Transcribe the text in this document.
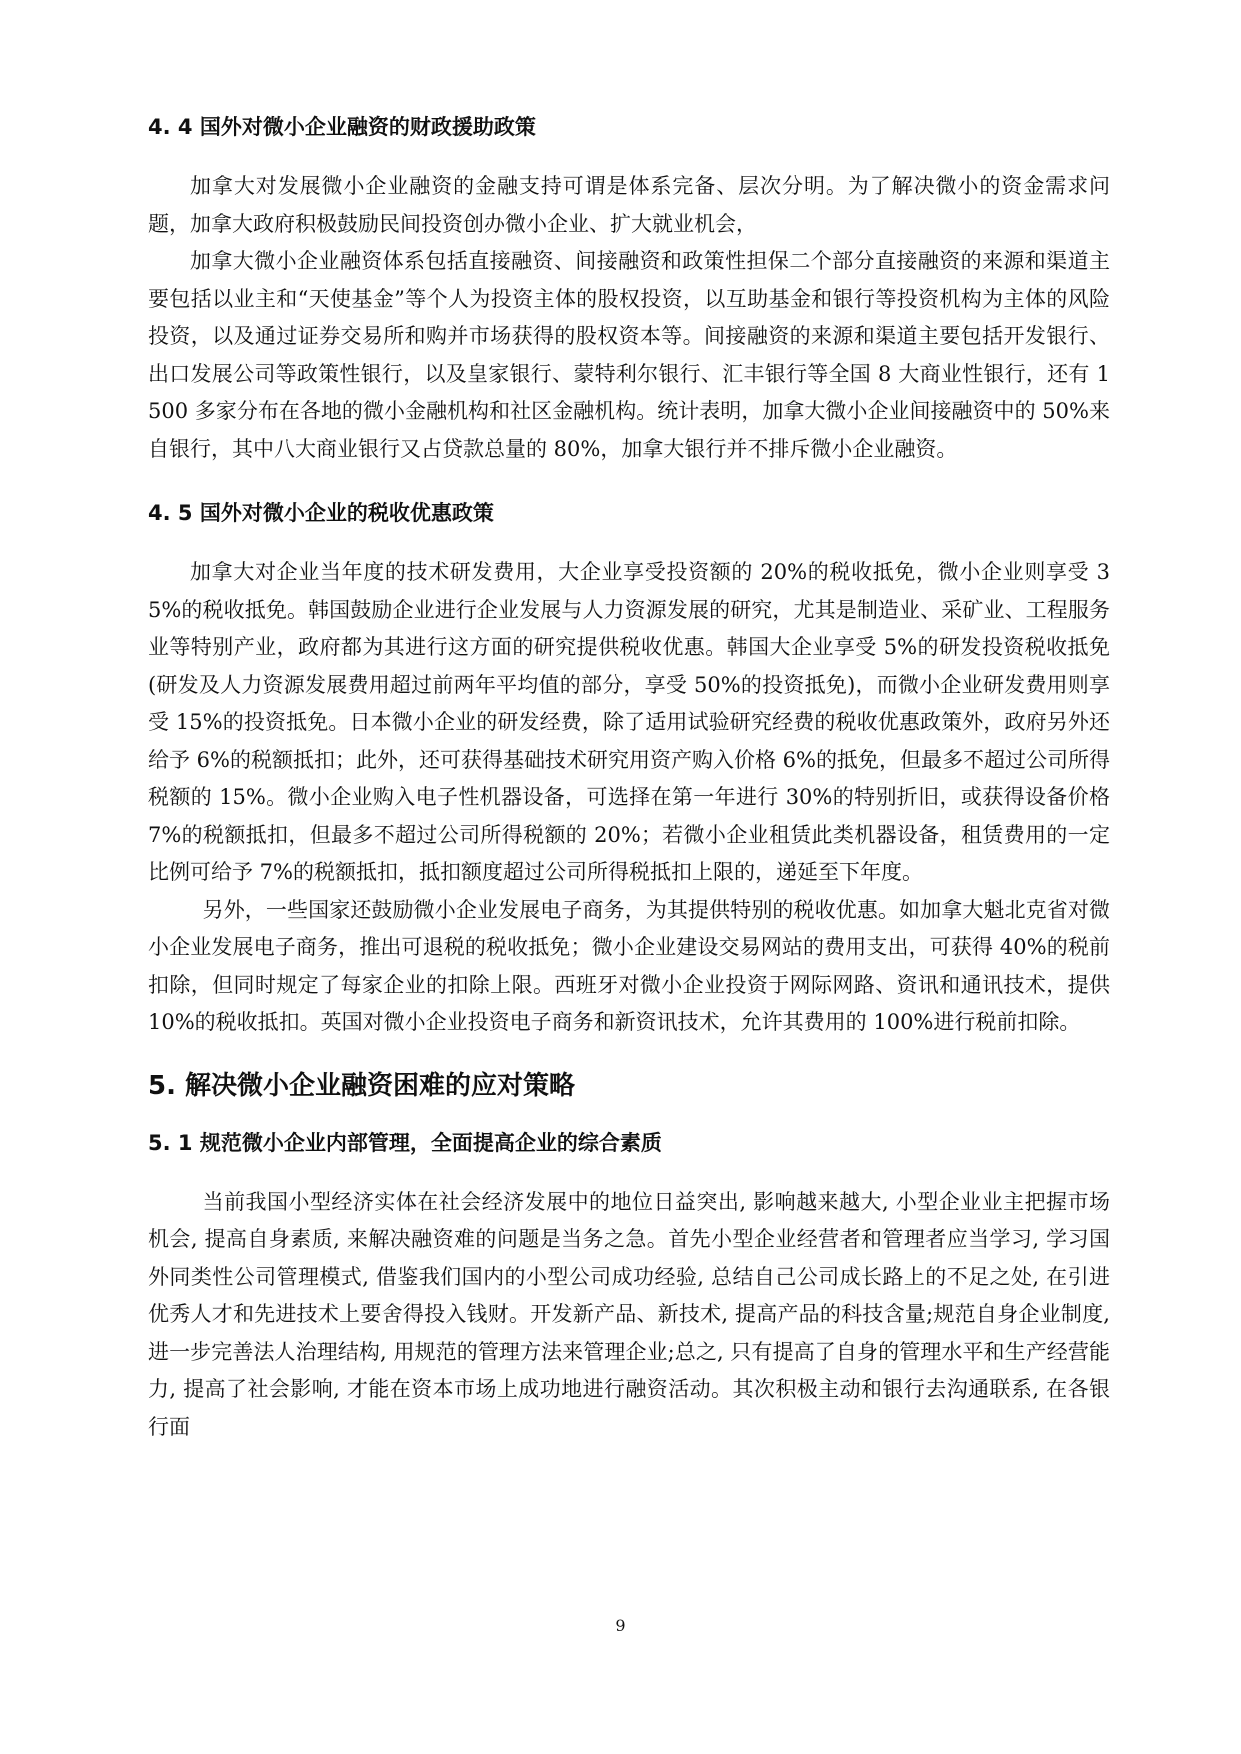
4. 4 国外对微小企业融资的财政援助政策

加拿大对发展微小企业融资的金融支持可谓是体系完备、层次分明。为了解决微小的资金需求问题，加拿大政府积极鼓励民间投资创办微小企业、扩大就业机会，

加拿大微小企业融资体系包括直接融资、间接融资和政策性担保二个部分直接融资的来源和渠道主要包括以业主和“天使基金”等个人为投资主体的股权投资，以互助基金和银行等投资机构为主体的风险投资，以及通过证券交易所和购并市场获得的股权资本等。间接融资的来源和渠道主要包括开发银行、出口发展公司等政策性银行，以及皇家银行、蒙特利尔银行、汇丰银行等全国 8 大商业性银行，还有 1500 多家分布在各地的微小金融机构和社区金融机构。统计表明，加拿大微小企业间接融资中的 50%来自银行，其中八大商业银行又占贷款总量的 80%，加拿大银行并不排斥微小企业融资。

4. 5 国外对微小企业的税收优惠政策

加拿大对企业当年度的技术研发费用，大企业享受投资额的 20%的税收抵免，微小企业则享受 35%的税收抵免。韩国鼓励企业进行企业发展与人力资源发展的研究，尤其是制造业、采矿业、工程服务业等特别产业，政府都为其进行这方面的研究提供税收优惠。韩国大企业享受 5%的研发投资税收抵免(研发及人力资源发展费用超过前两年平均值的部分，享受 50%的投资抵免)，而微小企业研发费用则享受 15%的投资抵免。日本微小企业的研发经费，除了适用试验研究经费的税收优惠政策外，政府另外还给予 6%的税额抵扣；此外，还可获得基础技术研究用资产购入价格 6%的抵免，但最多不超过公司所得税额的 15%。微小企业购入电子性机器设备，可选择在第一年进行 30%的特别折旧，或获得设备价格 7%的税额抵扣，但最多不超过公司所得税额的 20%；若微小企业租赁此类机器设备，租赁费用的一定比例可给予 7%的税额抵扣，抵扣额度超过公司所得税抵扣上限的，递延至下年度。

另外，一些国家还鼓励微小企业发展电子商务，为其提供特别的税收优惠。如加拿大魁北克省对微小企业发展电子商务，推出可退税的税收抵免；微小企业建设交易网站的费用支出，可获得 40%的税前扣除，但同时规定了每家企业的扣除上限。西班牙对微小企业投资于网际网路、资讯和通讯技术，提供 10%的税收抵扣。英国对微小企业投资电子商务和新资讯技术，允许其费用的 100%进行税前扣除。

5. 解决微小企业融资困难的应对策略
5. 1 规范微小企业内部管理，全面提高企业的综合素质

当前我国小型经济实体在社会经济发展中的地位日益突出, 影响越来越大, 小型企业业主把握市场机会, 提高自身素质, 来解决融资难的问题是当务之急。首先小型企业经营者和管理者应当学习, 学习国外同类性公司管理模式, 借鉴我们国内的小型公司成功经验, 总结自己公司成长路上的不足之处, 在引进优秀人才和先进技术上要舍得投入钱财。开发新产品、新技术, 提高产品的科技含量;规范自身企业制度, 进一步完善法人治理结构, 用规范的管理方法来管理企业;总之, 只有提高了自身的管理水平和生产经营能力, 提高了社会影响, 才能在资本市场上成功地进行融资活动。其次积极主动和银行去沟通联系, 在各银行面

9
